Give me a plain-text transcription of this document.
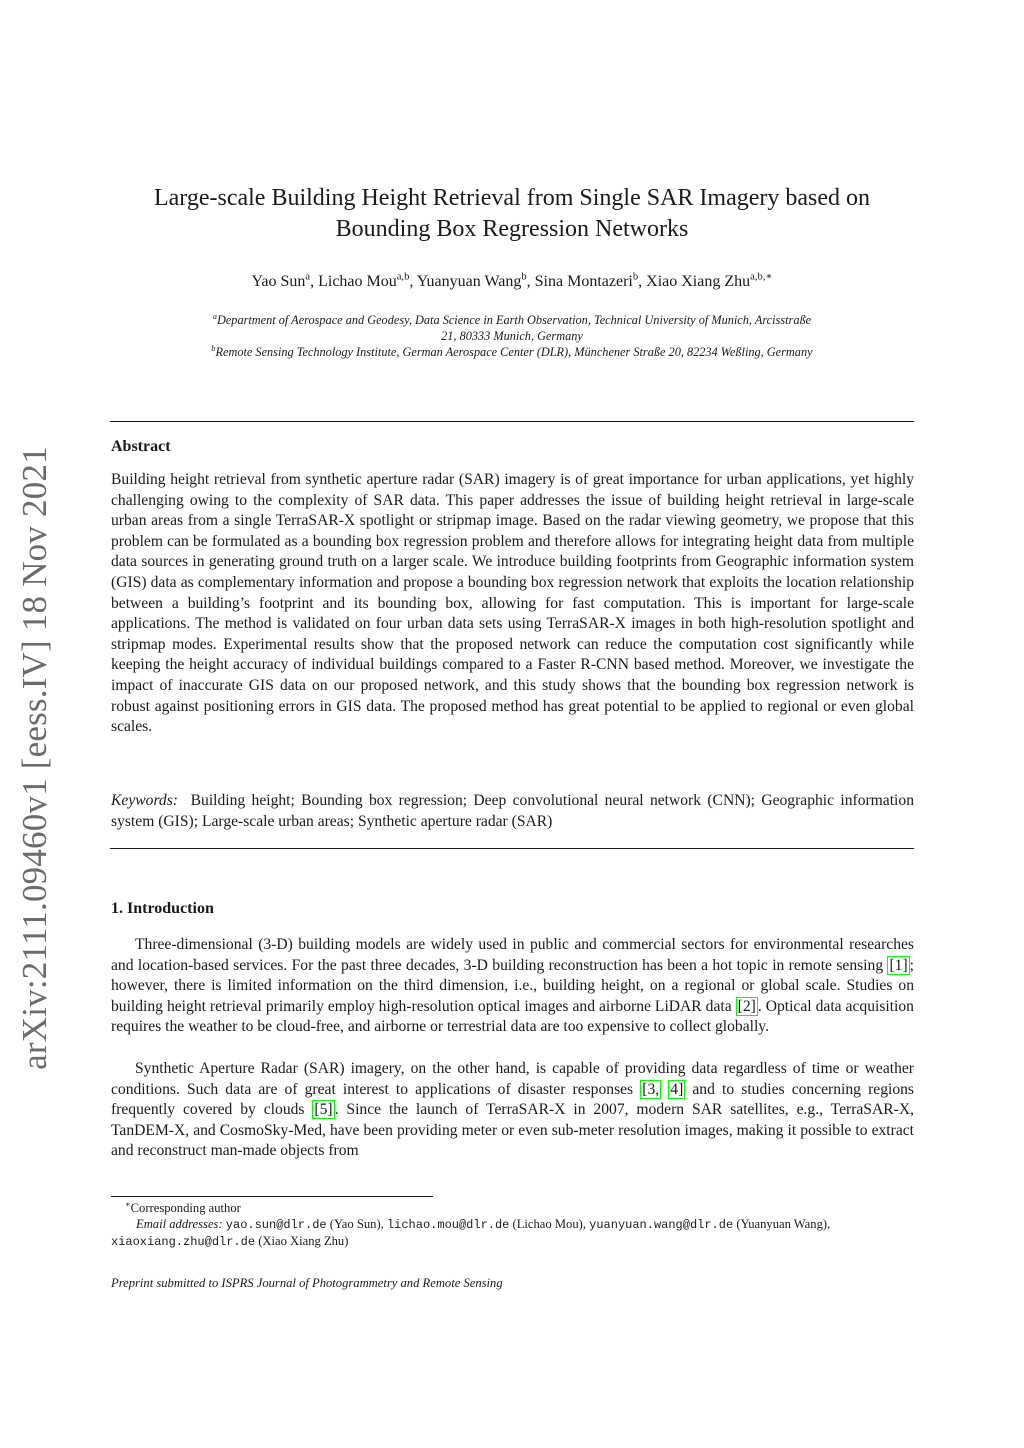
arXiv:2111.09460v1 [eess.IV] 18 Nov 2021
Large-scale Building Height Retrieval from Single SAR Imagery based on
Bounding Box Regression Networks
Yao Sun$^a$, Lichao Mou$^{a,b}$, Yuanyuan Wang$^b$, Sina Montazeri$^b$, Xiao Xiang Zhu$^{a,b,∗}$
$^a$Department of Aerospace and Geodesy, Data Science in Earth Observation, Technical University of Munich, Arcisstraße
21, 80333 Munich, Germany
$^b$Remote Sensing Technology Institute, German Aerospace Center (DLR), Münchener Straße 20, 82234 Weßling, Germany
Abstract

Building height retrieval from synthetic aperture radar (SAR) imagery is of great importance for urban applications, yet highly challenging owing to the complexity of SAR data. This paper addresses the issue of building height retrieval in large-scale urban areas from a single TerraSAR-X spotlight or stripmap image. Based on the radar viewing geometry, we propose that this problem can be formulated as a bounding box regression problem and therefore allows for integrating height data from multiple data sources in generating ground truth on a larger scale. We introduce building footprints from Geographic information system (GIS) data as complementary information and propose a bounding box regression network that exploits the location relationship between a building’s footprint and its bounding box, allowing for fast computation. This is important for large-scale applications. The method is validated on four urban data sets using TerraSAR-X images in both high-resolution spotlight and stripmap modes. Experimental results show that the proposed network can reduce the computation cost significantly while keeping the height accuracy of individual buildings compared to a Faster R-CNN based method. Moreover, we investigate the impact of inaccurate GIS data on our proposed network, and this study shows that the bounding box regression network is robust against positioning errors in GIS data. The proposed method has great potential to be applied to regional or even global scales.

Keywords: Building height; Bounding box regression; Deep convolutional neural network (CNN); Geographic information system (GIS); Large-scale urban areas; Synthetic aperture radar (SAR)

1. Introduction

Three-dimensional (3-D) building models are widely used in public and commercial sectors for environmental researches and location-based services. For the past three decades, 3-D building reconstruction has been a hot topic in remote sensing [1] ; however, there is limited information on the third dimension, i.e., building height, on a regional or global scale. Studies on building height retrieval primarily employ high-resolution optical images and airborne LiDAR data [2] . Optical data acquisition requires the weather to be cloud-free, and airborne or terrestrial data are too expensive to collect globally.

Synthetic Aperture Radar (SAR) imagery, on the other hand, is capable of providing data regardless of time or weather conditions. Such data are of great interest to applications of disaster responses [3, 4] and to studies concerning regions frequently covered by clouds [5] . Since the launch of TerraSAR-X in 2007, modern SAR satellites, e.g., TerraSAR-X, TanDEM-X, and CosmoSky-Med, have been providing meter or even sub-meter resolution images, making it possible to extract and reconstruct man-made objects from

∗Corresponding author
Email addresses: yao.sun@dlr.de (Yao Sun), lichao.mou@dlr.de (Lichao Mou), yuanyuan.wang@dlr.de (Yuanyuan Wang), xiaoxiang.zhu@dlr.de (Xiao Xiang Zhu)
Preprint submitted to ISPRS Journal of Photogrammetry and Remote Sensing
